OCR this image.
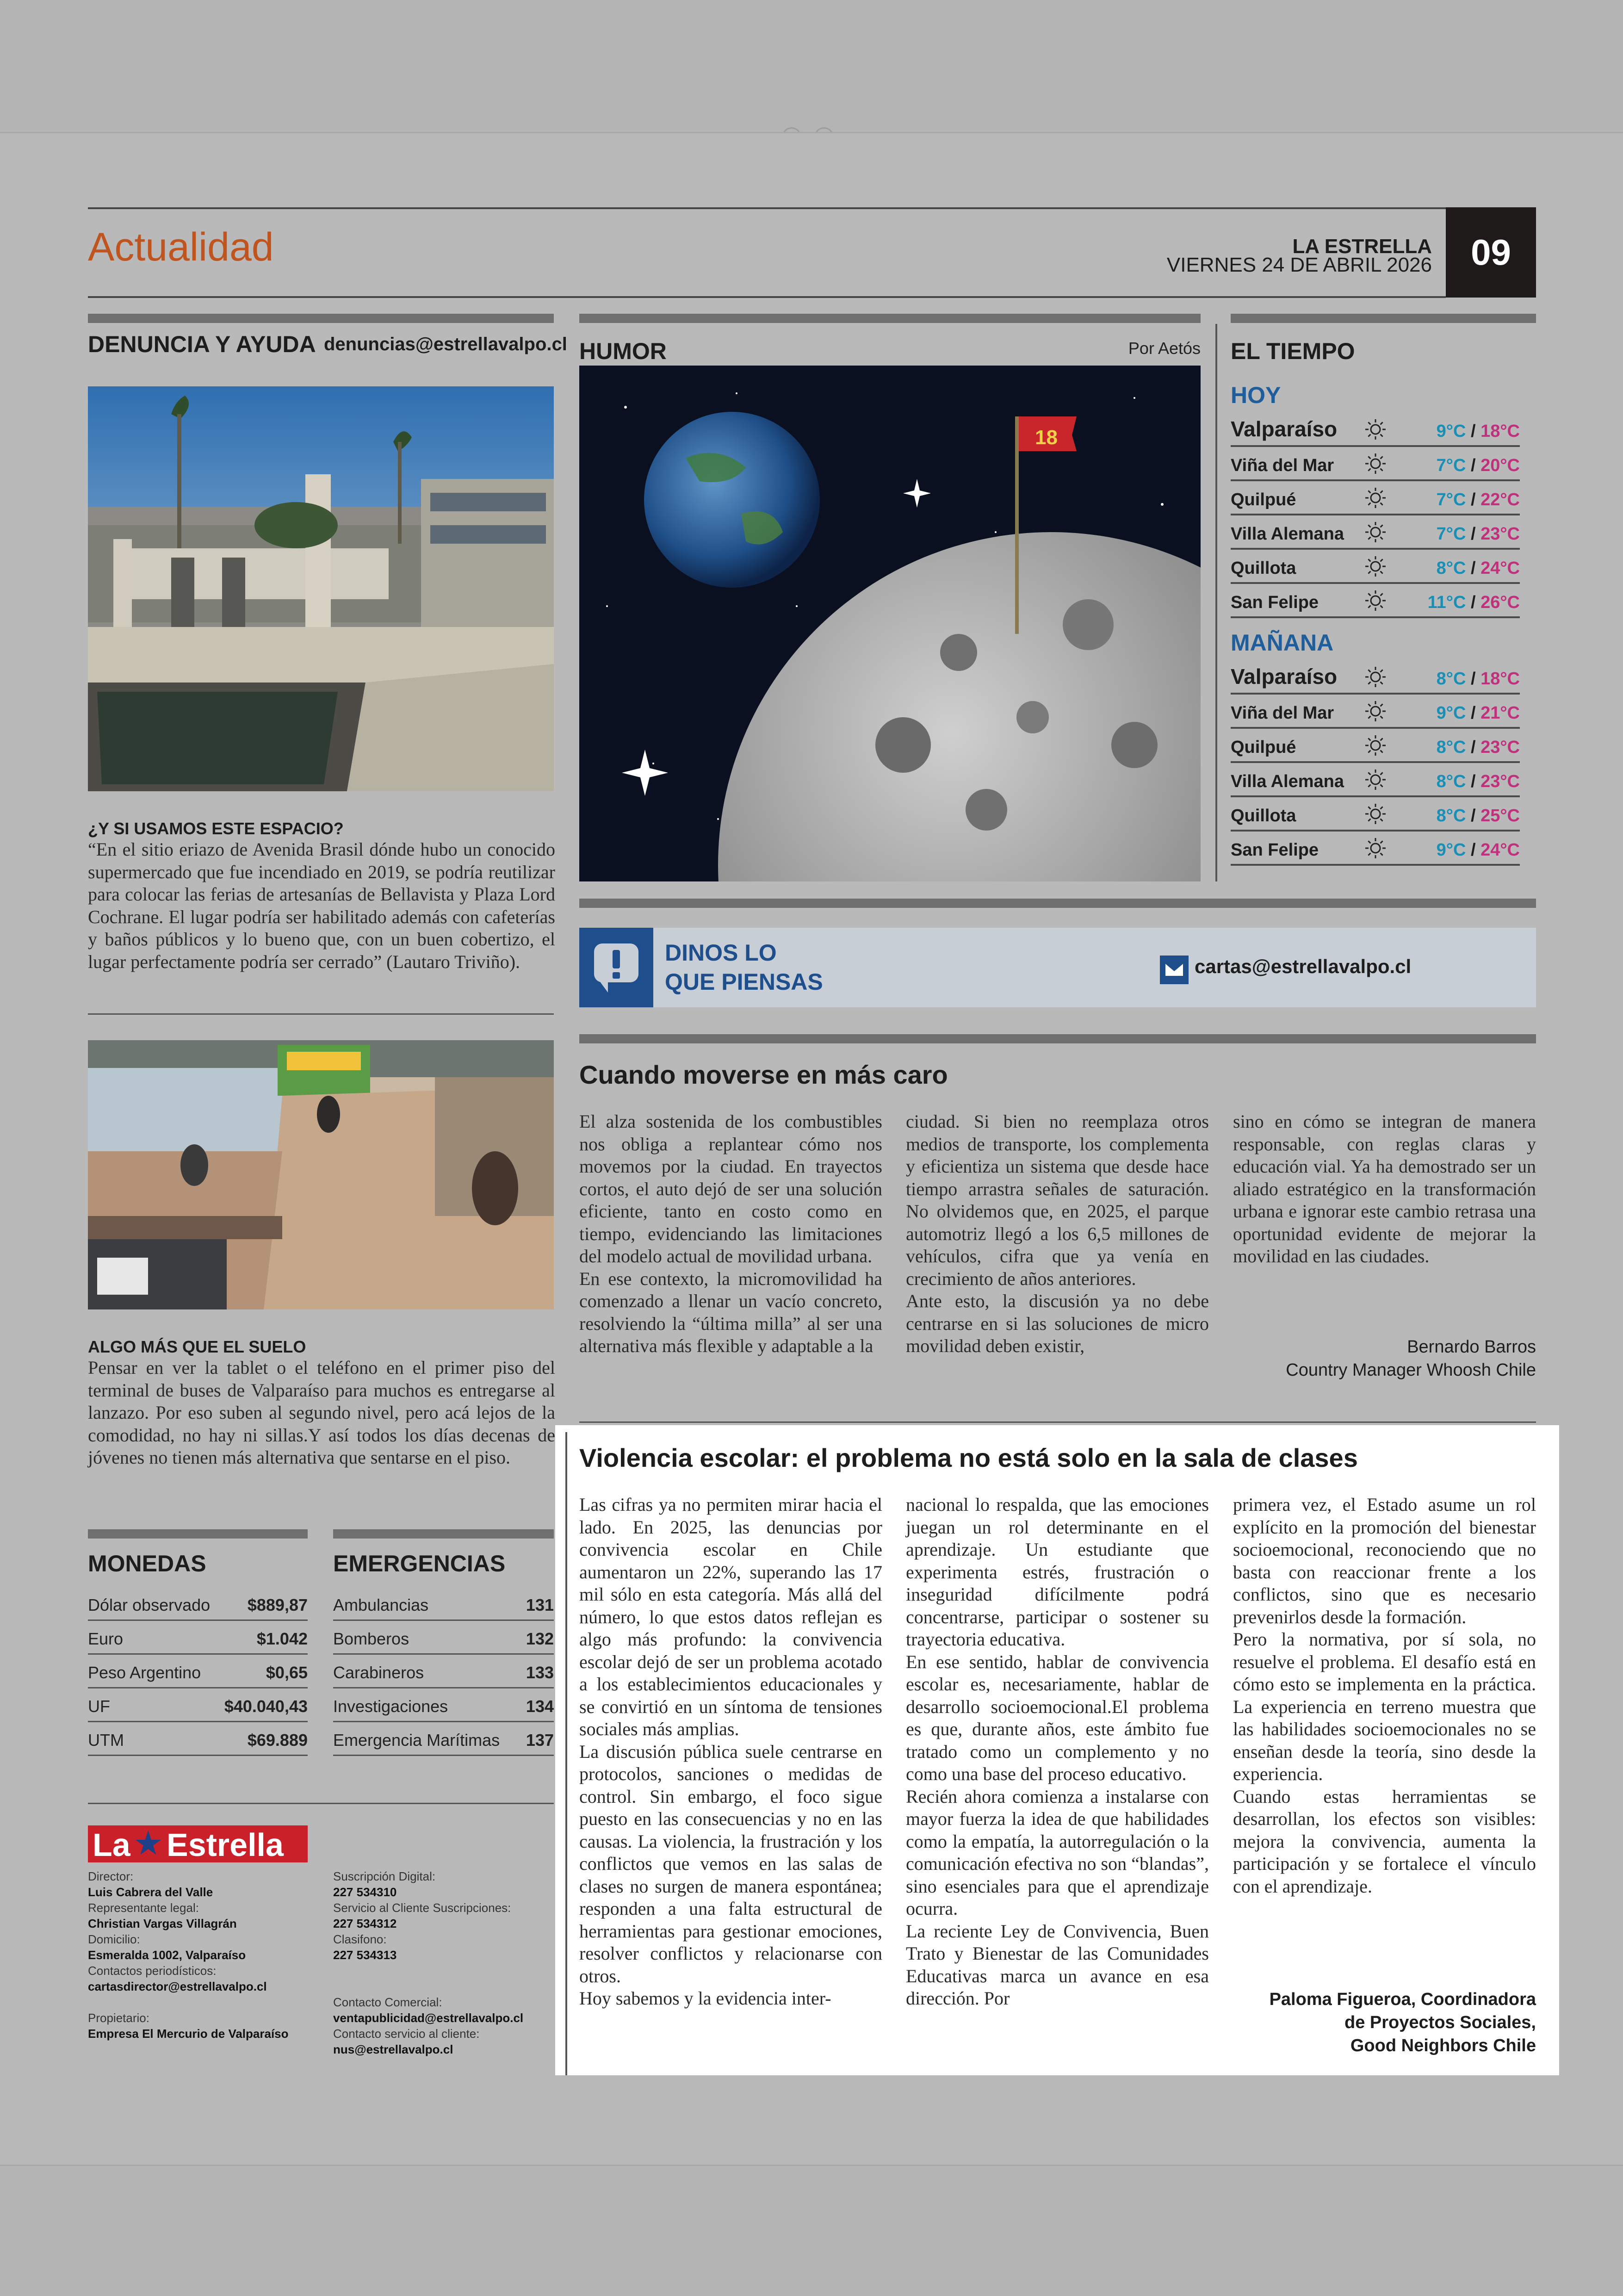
Actualidad	LA ESTRELLA
VIERNES 24 DE ABRIL 2026	09
DENUNCIA Y AYUDA denuncias@estrellavalpo.cl
¿Y SI USAMOS ESTE ESPACIO?
“En el sitio eriazo de Avenida Brasil dónde hubo un conocido supermercado que fue incendiado en 2019, se podría reutilizar para colocar las ferias de artesanías de Bellavista y Plaza Lord Cochrane. El lugar podría ser habilitado además con cafeterías y baños públicos y lo bueno que, con un buen cobertizo, el lugar perfectamente podría ser cerrado” (Lautaro Triviño).
ALGO MÁS QUE EL SUELO
Pensar en ver la tablet o el teléfono en el primer piso del terminal de buses de Valparaíso para muchos es entregarse al lanzazo. Por eso suben al segundo nivel, pero acá lejos de la comodidad, no hay ni sillas.Y así todos los días decenas de jóvenes no tienen más alternativa que sentarse en el piso.
HUMOR	Por Aetós
18
EL TIEMPO
HOY
Valparaíso	9°C / 18°C
Viña del Mar	7°C / 20°C
Quilpué	7°C / 22°C
Villa Alemana	7°C / 23°C
Quillota	8°C / 24°C
San Felipe	11°C / 26°C
MAÑANA
Valparaíso	8°C / 18°C
Viña del Mar	9°C / 21°C
Quilpué	8°C / 23°C
Villa Alemana	8°C / 23°C
Quillota	8°C / 25°C
San Felipe	9°C / 24°C
DINOS LO
QUE PIENSAS
cartas@estrellavalpo.cl
Cuando moverse en más caro
El alza sostenida de los combustibles nos obliga a replantear cómo nos movemos por la ciudad. En trayectos cortos, el auto dejó de ser una solución eficiente, tanto en costo como en tiempo, evidenciando las limitaciones del modelo actual de movilidad urbana.
En ese contexto, la micromovilidad ha comenzado a llenar un vacío concreto, resolviendo la “última milla” al ser una alternativa más flexible y adaptable a la
ciudad. Si bien no reemplaza otros medios de transporte, los complementa y eficientiza un sistema que desde hace tiempo arrastra señales de saturación. No olvidemos que, en 2025, el parque automotriz llegó a los 6,5 millones de vehículos, cifra que ya venía en crecimiento de años anteriores.
Ante esto, la discusión ya no debe centrarse en si las soluciones de micro movilidad deben existir,
sino en cómo se integran de manera responsable, con reglas claras y educación vial. Ya ha demostrado ser un aliado estratégico en la transformación urbana e ignorar este cambio retrasa una oportunidad evidente de mejorar la movilidad en las ciudades.
Bernardo Barros
Country Manager Whoosh Chile
Violencia escolar: el problema no está solo en la sala de clases
Las cifras ya no permiten mirar hacia el lado. En 2025, las denuncias por convivencia escolar en Chile aumentaron un 22%, superando las 17 mil sólo en esta categoría. Más allá del número, lo que estos datos reflejan es algo más profundo: la convivencia escolar dejó de ser un problema acotado a los establecimientos educacionales y se convirtió en un síntoma de tensiones sociales más amplias.
La discusión pública suele centrarse en protocolos, sanciones o medidas de control. Sin embargo, el foco sigue puesto en las consecuencias y no en las causas. La violencia, la frustración y los conflictos que vemos en las salas de clases no surgen de manera espontánea; responden a una falta estructural de herramientas para gestionar emociones, resolver conflictos y relacionarse con otros.
Hoy sabemos y la evidencia inter-
nacional lo respalda, que las emociones juegan un rol determinante en el aprendizaje. Un estudiante que experimenta estrés, frustración o inseguridad difícilmente podrá concentrarse, participar o sostener su trayectoria educativa.
En ese sentido, hablar de convivencia escolar es, necesariamente, hablar de desarrollo socioemocional.El problema es que, durante años, este ámbito fue tratado como un complemento y no como una base del proceso educativo.
Recién ahora comienza a instalarse con mayor fuerza la idea de que habilidades como la empatía, la autorregulación o la comunicación efectiva no son “blandas”, sino esenciales para que el aprendizaje ocurra.
La reciente Ley de Convivencia, Buen Trato y Bienestar de las Comunidades Educativas marca un avance en esa dirección. Por
primera vez, el Estado asume un rol explícito en la promoción del bienestar socioemocional, reconociendo que no basta con reaccionar frente a los conflictos, sino que es necesario prevenirlos desde la formación.
Pero la normativa, por sí sola, no resuelve el problema. El desafío está en cómo esto se implementa en la práctica. La experiencia en terreno muestra que las habilidades socioemocionales no se enseñan desde la teoría, sino desde la experiencia.
Cuando estas herramientas se desarrollan, los efectos son visibles: mejora la convivencia, aumenta la participación y se fortalece el vínculo con el aprendizaje.
Paloma Figueroa, Coordinadora
de Proyectos Sociales,
Good Neighbors Chile
MONEDAS
Dólar observado $889,87
Euro	$1.042
Peso Argentino	$0,65
UF	$40.040,43
UTM	$69.889
EMERGENCIAS
Ambulancias	131
Bomberos	132
Carabineros	133
Investigaciones	134
Emergencia Marítimas 137
La ★ Estrella
Director:
Luis Cabrera del Valle
Representante legal:
Christian Vargas Villagrán
Domicilio:
Esmeralda 1002, Valparaíso
Contactos periodísticos:
cartasdirector@estrellavalpo.cl
Propietario:
Empresa El Mercurio de Valparaíso
Suscripción Digital:
227 534310
Servicio al Cliente Suscripciones:
227 534312
Clasifono:
227 534313
Contacto Comercial:
ventapublicidad@estrellavalpo.cl
Contacto servicio al cliente:
nus@estrellavalpo.cl
